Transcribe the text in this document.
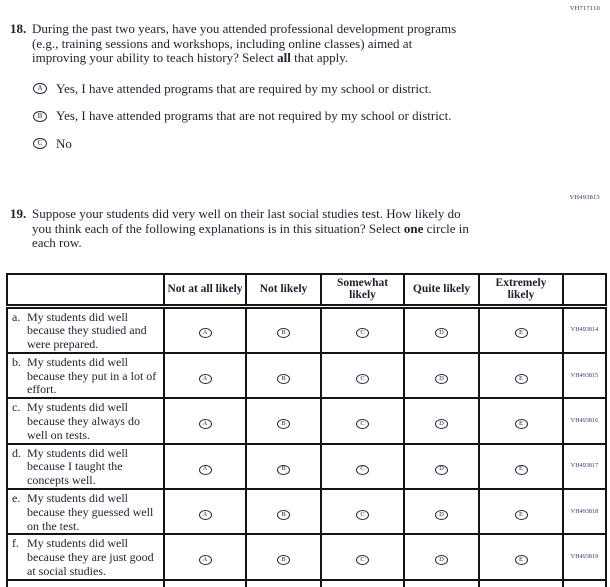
VH717110
18. During the past two years, have you attended professional development programs
(e.g., training sessions and workshops, including online classes) aimed at
improving your ability to teach history? Select all that apply.
A	Yes, I have attended programs that are required by my school or district.
B	Yes, I have attended programs that are not required by my school or district.
C	No
VH493813
19. Suppose your students did very well on their last social studies test. How likely do
you think each of the following explanations is in this situation? Select one circle in
each row.
	Not at all likely	Not likely	Somewhat likely	Quite likely	Extremely likely	

a. My students did well because they studied and were prepared.	A	B	C	D	E	VH493814

b. My students did well because they put in a lot of effort.	A	B	C	D	E	VH493815

c. My students did well because they always do well on tests.	A	B	C	D	E	VH493816

d. My students did well because I taught the concepts well.	A	B	C	D	E	VH493817

e. My students did well because they guessed well on the test.	A	B	C	D	E	VH493818

f. My students did well because they are just good at social studies.	A	B	C	D	E	VH493819
